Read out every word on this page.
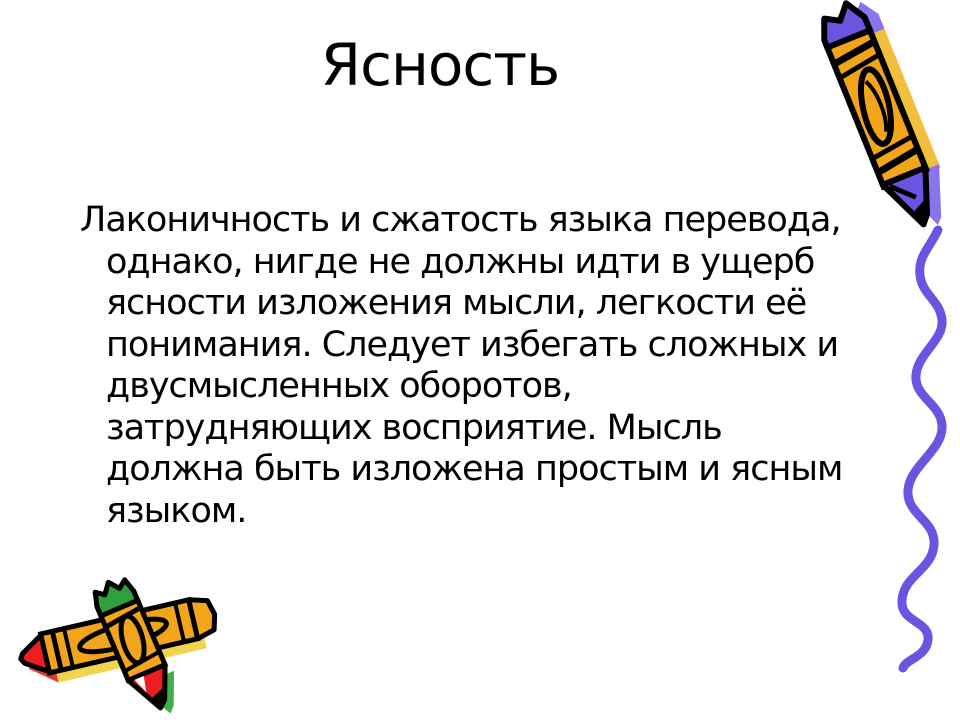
Ясность
Лаконичность и сжатость языка перевода,
однако, нигде не должны идти в ущерб
ясности изложения мысли, легкости её
понимания. Следует избегать сложных и
двусмысленных оборотов,
затрудняющих восприятие. Мысль
должна быть изложена простым и ясным
языком.
